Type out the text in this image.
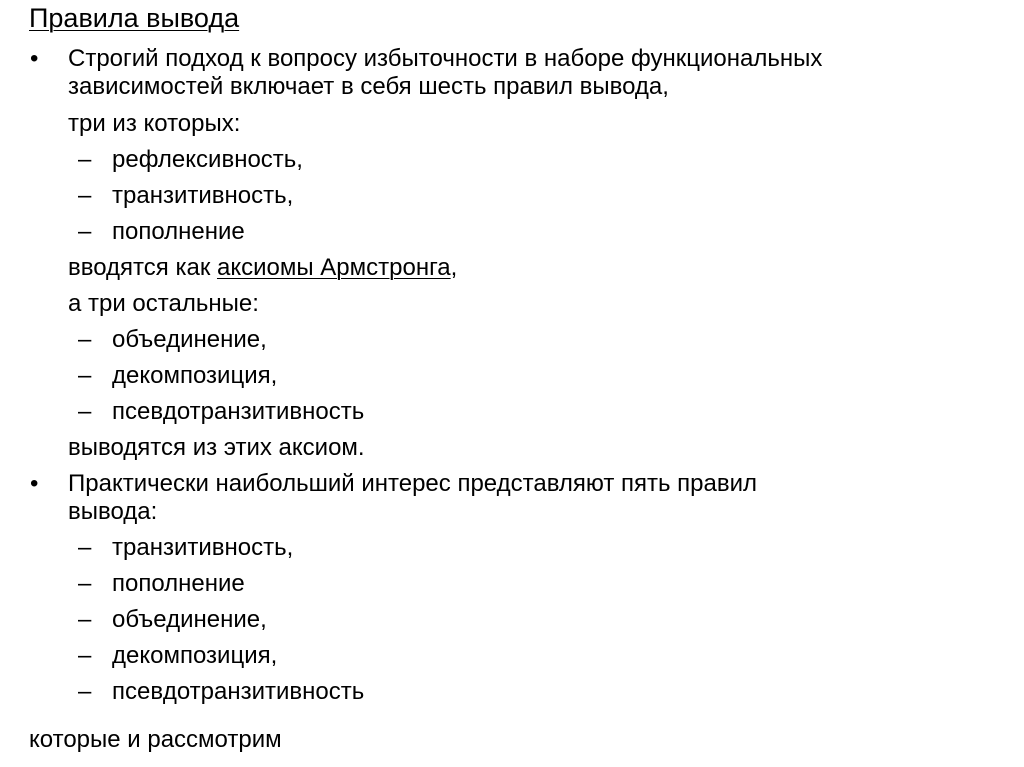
Правила вывода
• Строгий подход к вопросу избыточности в наборе функциональных
зависимостей включает в себя шесть правил вывода,
три из которых:
– рефлексивность,
– транзитивность,
– пополнение
вводятся как аксиомы Армстронга,
а три остальные:
– объединение,
– декомпозиция,
– псевдотранзитивность
выводятся из этих аксиом.
• Практически наибольший интерес представляют пять правил
вывода:
– транзитивность,
– пополнение
– объединение,
– декомпозиция,
– псевдотранзитивность
которые и рассмотрим
